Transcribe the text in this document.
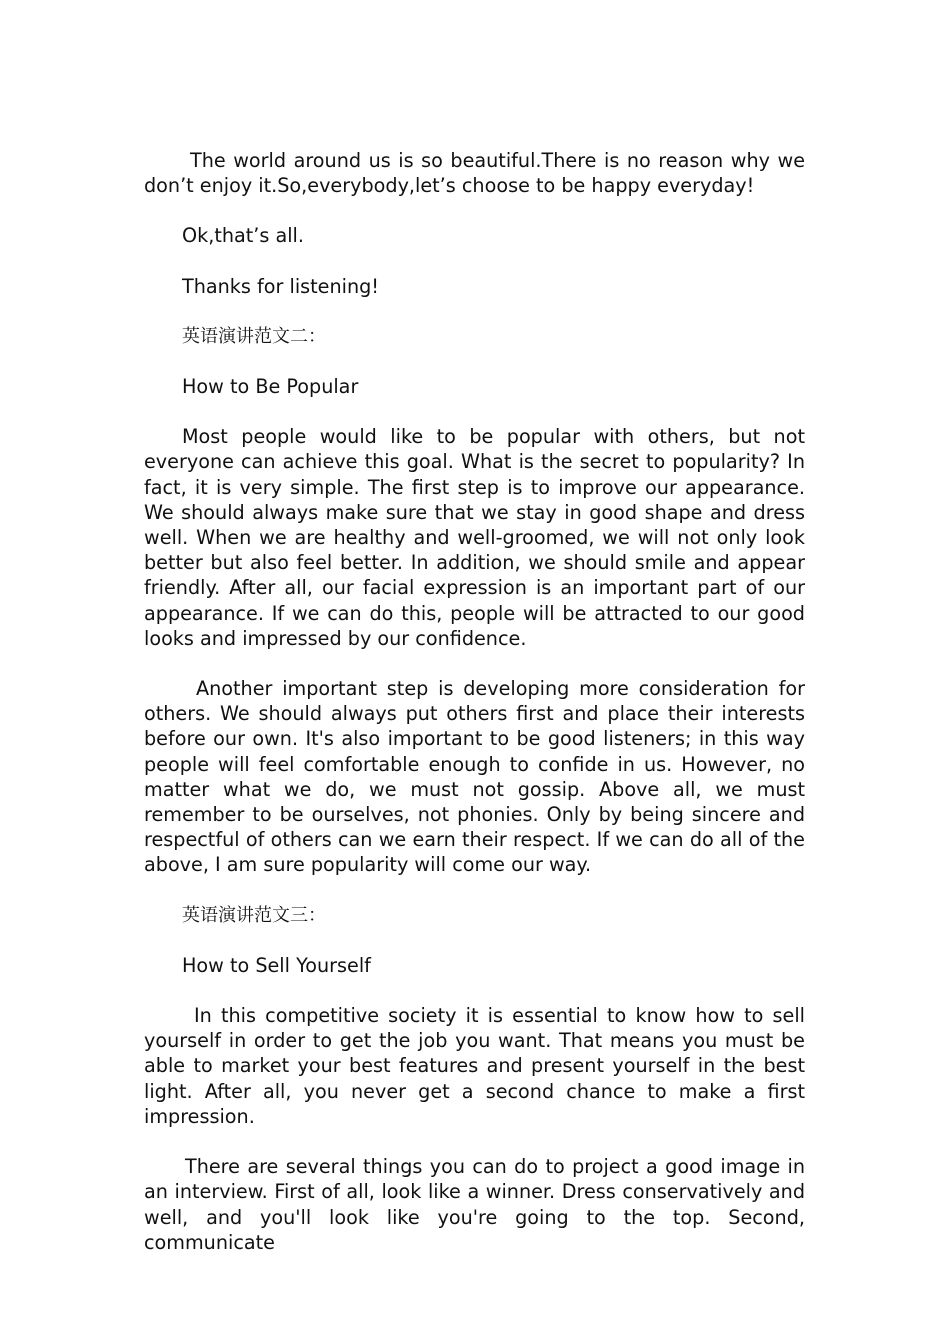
The world around us is so beautiful.There is no reason why we don’t enjoy it.So,everybody,let’s choose to be happy everyday!

Ok,that’s all.

Thanks for listening!

英语演讲范文二：

How to Be Popular

Most people would like to be popular with others, but not everyone can achieve this goal. What is the secret to popularity? In fact, it is very simple. The first step is to improve our appearance. We should always make sure that we stay in good shape and dress well. When we are healthy and well-groomed, we will not only look better but also feel better. In addition, we should smile and appear friendly. After all, our facial expression is an important part of our appearance. If we can do this, people will be attracted to our good looks and impressed by our confidence.

Another important step is developing more consideration for others. We should always put others first and place their interests before our own. It's also important to be good listeners; in this way people will feel comfortable enough to confide in us. However, no matter what we do, we must not gossip. Above all, we must remember to be ourselves, not phonies. Only by being sincere and respectful of others can we earn their respect. If we can do all of the above, I am sure popularity will come our way.

英语演讲范文三：

How to Sell Yourself

In this competitive society it is essential to know how to sell yourself in order to get the job you want. That means you must be able to market your best features and present yourself in the best light. After all, you never get a second chance to make a first impression.

There are several things you can do to project a good image in an interview. First of all, look like a winner. Dress conservatively and well, and you'll look like you're going to the top. Second, communicate
